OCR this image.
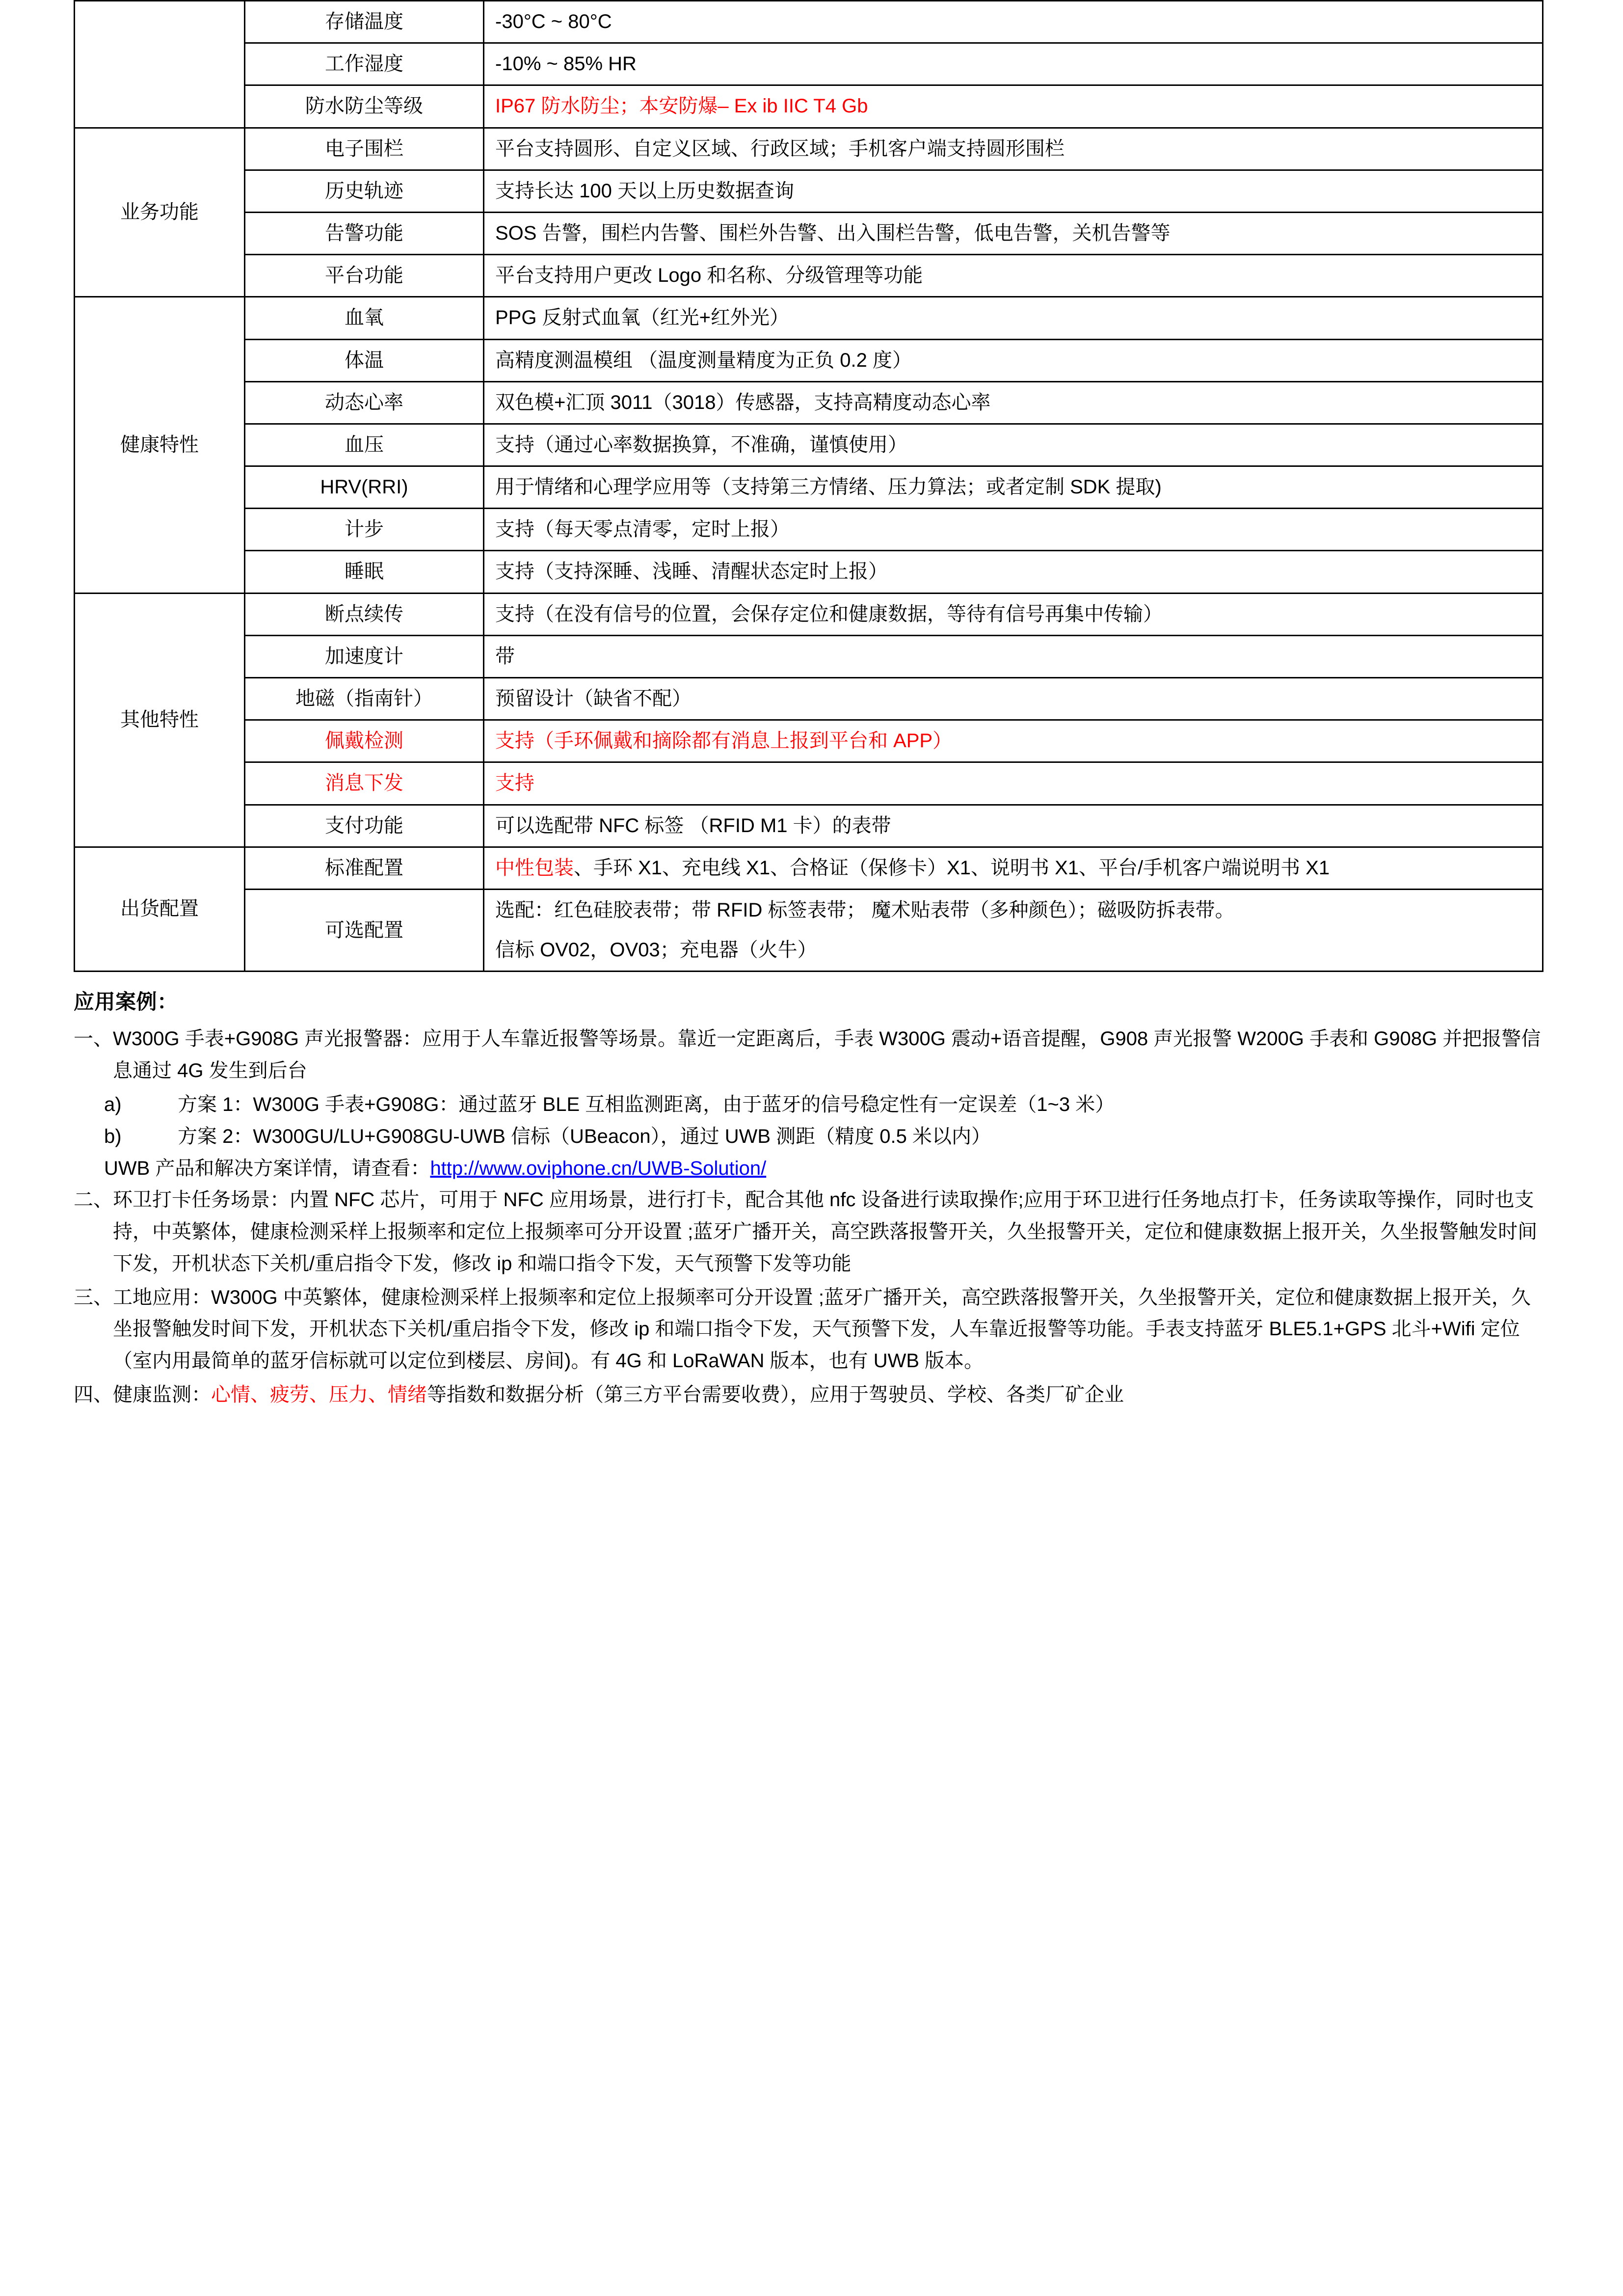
	存储温度	-30°C ~ 80°C
	工作湿度	-10% ~ 85% HR
	防水防尘等级	IP67 防水防尘；本安防爆– Ex ib IIC T4 Gb
业务功能	电子围栏	平台支持圆形、自定义区域、行政区域；手机客户端支持圆形围栏
	历史轨迹	支持长达 100 天以上历史数据查询
	告警功能	SOS 告警，围栏内告警、围栏外告警、出入围栏告警，低电告警，关机告警等
	平台功能	平台支持用户更改 Logo 和名称、分级管理等功能
健康特性	血氧	PPG 反射式血氧（红光+红外光）
	体温	高精度测温模组 （温度测量精度为正负 0.2 度）
	动态心率	双色模+汇顶 3011（3018）传感器，支持高精度动态心率
	血压	支持（通过心率数据换算，不准确，谨慎使用）
	HRV(RRI)	用于情绪和心理学应用等（支持第三方情绪、压力算法；或者定制 SDK 提取)
	计步	支持（每天零点清零，定时上报）
	睡眠	支持（支持深睡、浅睡、清醒状态定时上报）
其他特性	断点续传	支持（在没有信号的位置，会保存定位和健康数据，等待有信号再集中传输）
	加速度计	带
	地磁（指南针）	预留设计（缺省不配）
	佩戴检测	支持（手环佩戴和摘除都有消息上报到平台和 APP）
	消息下发	支持
	支付功能	可以选配带 NFC 标签 （RFID M1 卡）的表带
出货配置	标准配置	中性包装、手环 X1、充电线 X1、合格证（保修卡）X1、说明书 X1、平台/手机客户端说明书 X1
	可选配置	选配：红色硅胶表带；带 RFID 标签表带； 魔术贴表带（多种颜色）；磁吸防拆表带。
信标 OV02，OV03；充电器（火牛）
应用案例：
一、 W300G 手表+G908G 声光报警器：应用于人车靠近报警等场景。靠近一定距离后，手表 W300G 震动+语音提醒，G908 声光报警 W200G 手表和 G908G 并把报警信息通过 4G 发生到后台
a)	方案 1：W300G 手表+G908G：通过蓝牙 BLE 互相监测距离，由于蓝牙的信号稳定性有一定误差（1~3 米）
b)	方案 2：W300GU/LU+G908GU-UWB 信标（UBeacon），通过 UWB 测距（精度 0.5 米以内）
UWB 产品和解决方案详情，请查看：http://www.oviphone.cn/UWB-Solution/
二、 环卫打卡任务场景：内置 NFC 芯片，可用于 NFC 应用场景，进行打卡，配合其他 nfc 设备进行读取操作;应用于环卫进行任务地点打卡，任务读取等操作，同时也支持，中英繁体，健康检测采样上报频率和定位上报频率可分开设置 ;蓝牙广播开关，高空跌落报警开关，久坐报警开关，定位和健康数据上报开关，久坐报警触发时间下发，开机状态下关机/重启指令下发，修改 ip 和端口指令下发，天气预警下发等功能
三、 工地应用：W300G 中英繁体，健康检测采样上报频率和定位上报频率可分开设置 ;蓝牙广播开关，高空跌落报警开关，久坐报警开关，定位和健康数据上报开关，久坐报警触发时间下发，开机状态下关机/重启指令下发，修改 ip 和端口指令下发，天气预警下发，人车靠近报警等功能。手表支持蓝牙 BLE5.1+GPS 北斗+Wifi 定位（室内用最简单的蓝牙信标就可以定位到楼层、房间)。有 4G 和 LoRaWAN 版本，也有 UWB 版本。
四、 健康监测：心情、疲劳、压力、情绪等指数和数据分析（第三方平台需要收费），应用于驾驶员、学校、各类厂矿企业
